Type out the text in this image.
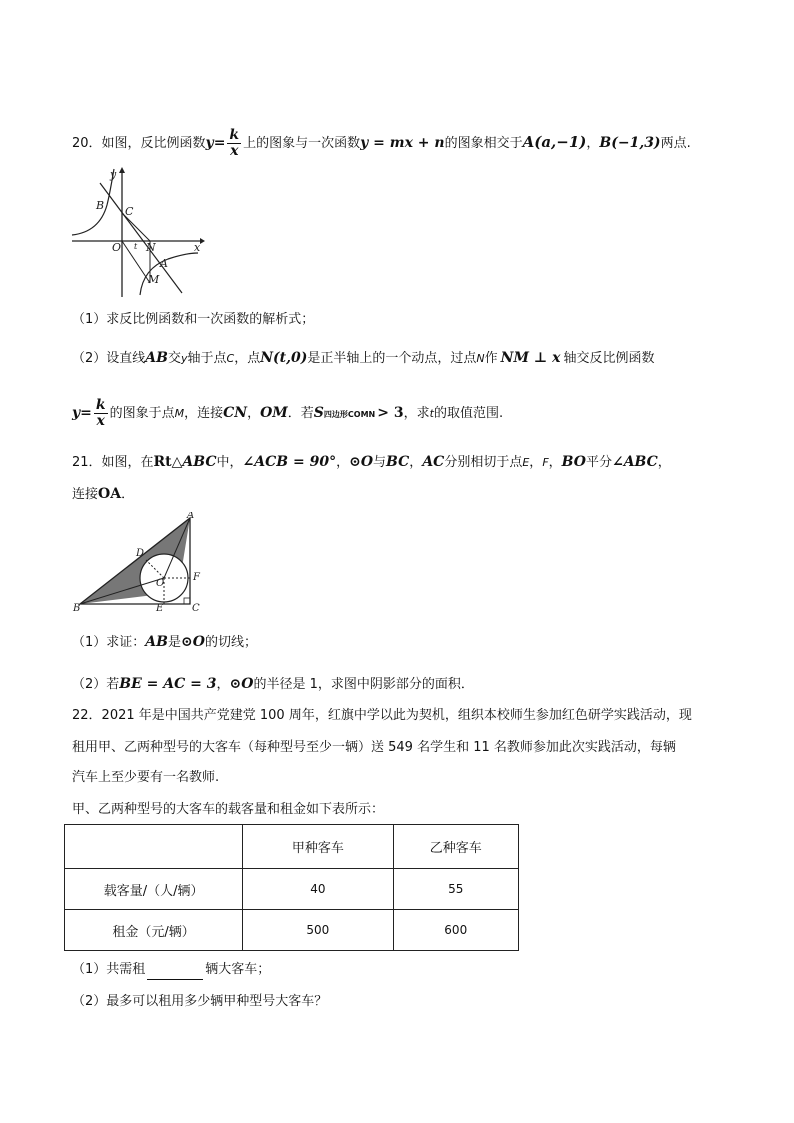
20．如图，反比例函数$y= \frac{k}{x}$ 上的图象与一次函数y = mx + n的图象相交于A(a,−1)，B(−1,3)两点.
y
B C
O N	x
A
M
t
（1）求反比例函数和一次函数的解析式；
（2）设直线AB交y轴于点C，点N(t,0)是正半轴上的一个动点，过点N作 NM ⊥ x 轴交反比例函数
$y= \frac{k}{x}$ 的图象于点M，连接CN，OM．若S四边形COMN > 3，求t的取值范围.
21．如图，在Rt△ABC中，∠ACB = 90°，⊙O与BC，AC分别相切于点E，F，BO平分∠ABC，
连接OA．
A
D
O
F
B	E	C
（1）求证：AB是⊙O的切线；
（2）若BE = AC = 3，⊙O的半径是 1，求图中阴影部分的面积．
22．2021 年是中国共产党建党 100 周年，红旗中学以此为契机，组织本校师生参加红色研学实践活动，现
租用甲、乙两种型号的大客车（每种型号至少一辆）送 549 名学生和 11 名教师参加此次实践活动，每辆
汽车上至少要有一名教师.
甲、乙两种型号的大客车的载客量和租金如下表所示：
	甲种客车	乙种客车
载客量/（人/辆）	40	55
租金（元/辆）	500	600
（1）共需租	辆大客车；
（2）最多可以租用多少辆甲种型号大客车？
